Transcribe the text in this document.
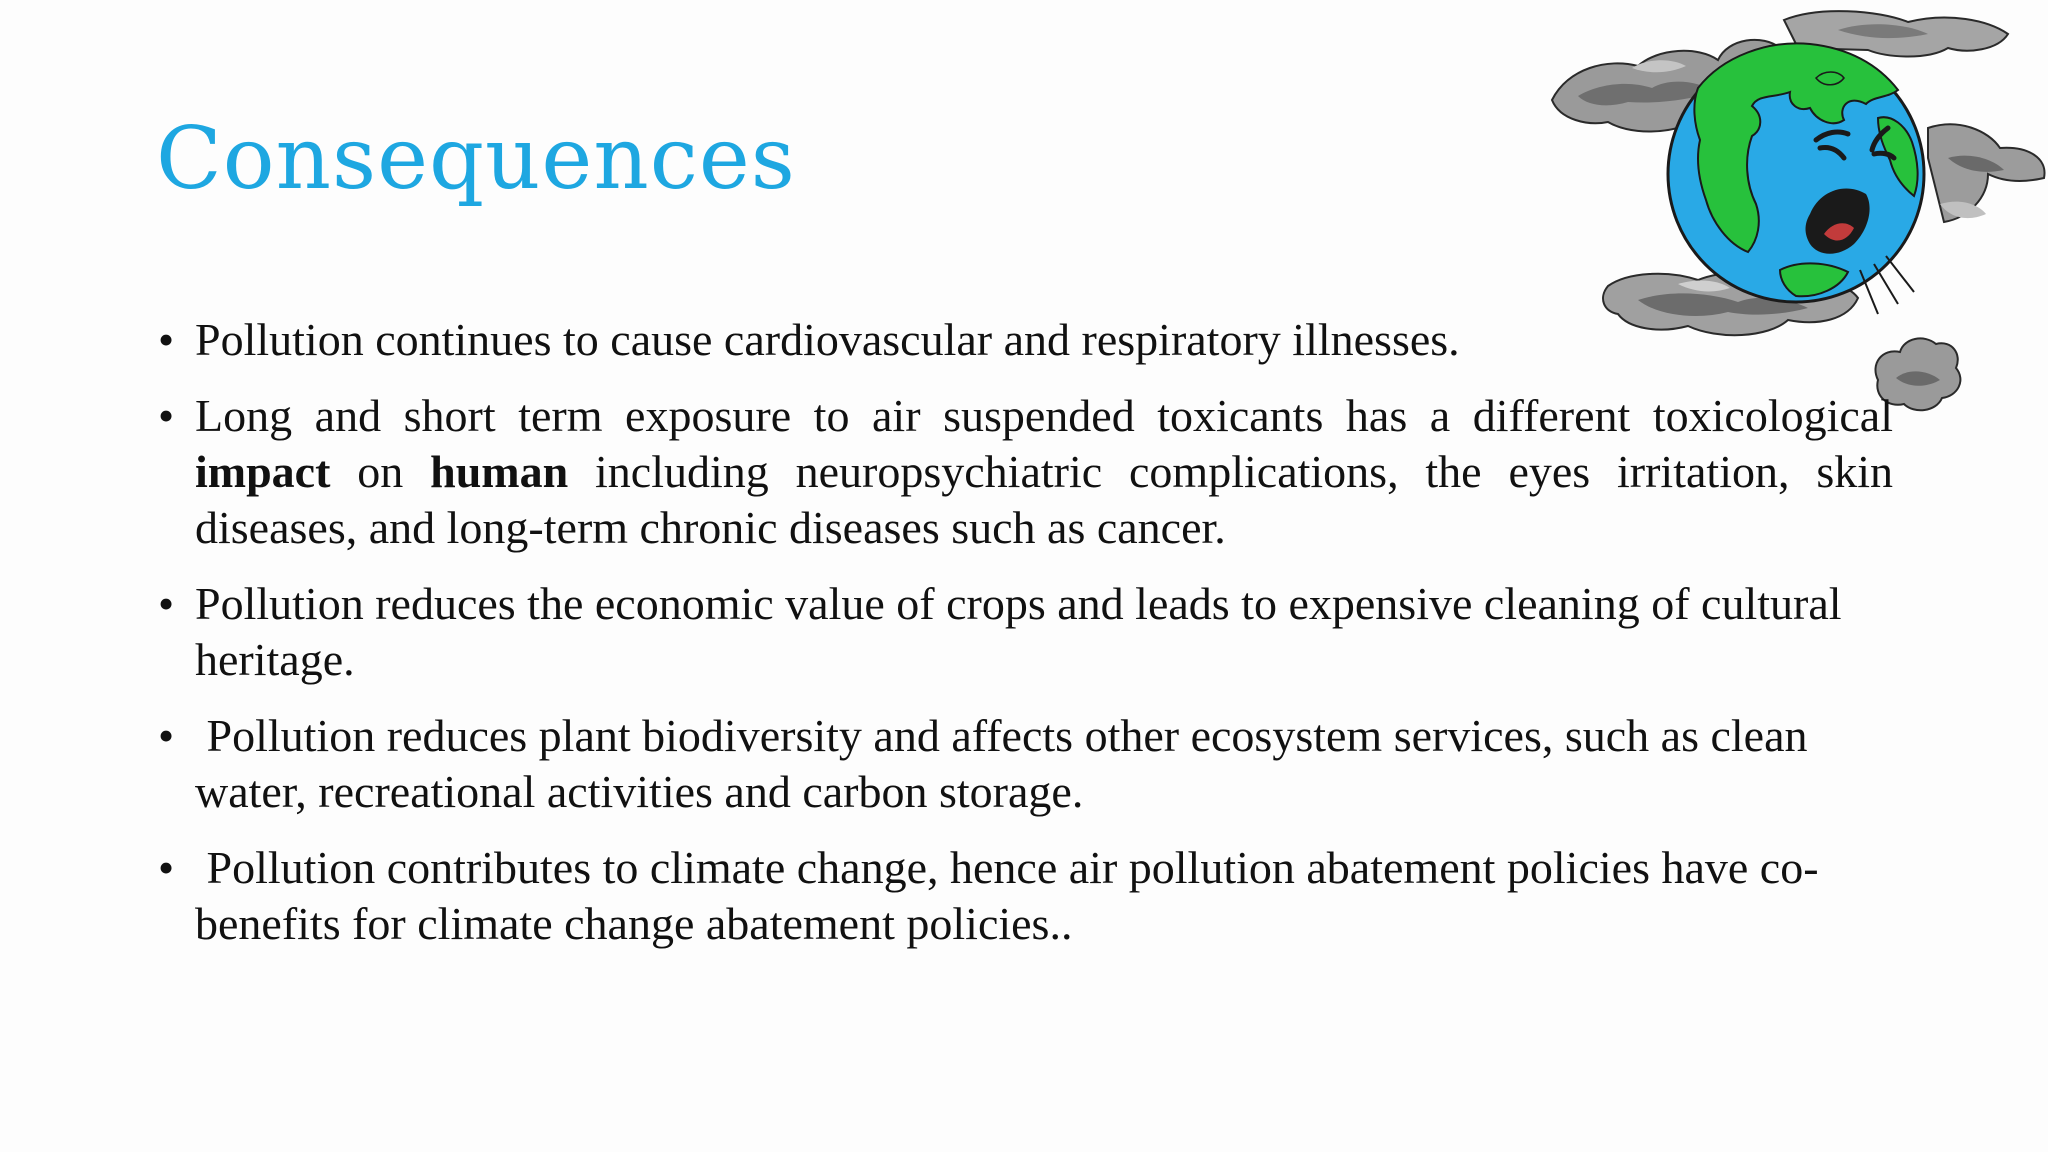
Consequences
• Pollution continues to cause cardiovascular and respiratory illnesses.
• Long and short term exposure to air suspended toxicants has a different toxicological impact on human including neuropsychiatric complications, the eyes irritation, skin diseases, and long-term chronic diseases such as cancer.
• Pollution reduces the economic value of crops and leads to expensive cleaning of cultural heritage.
• Pollution reduces plant biodiversity and affects other ecosystem services, such as clean water, recreational activities and carbon storage.
• Pollution contributes to climate change, hence air pollution abatement policies have co-benefits for climate change abatement policies..
